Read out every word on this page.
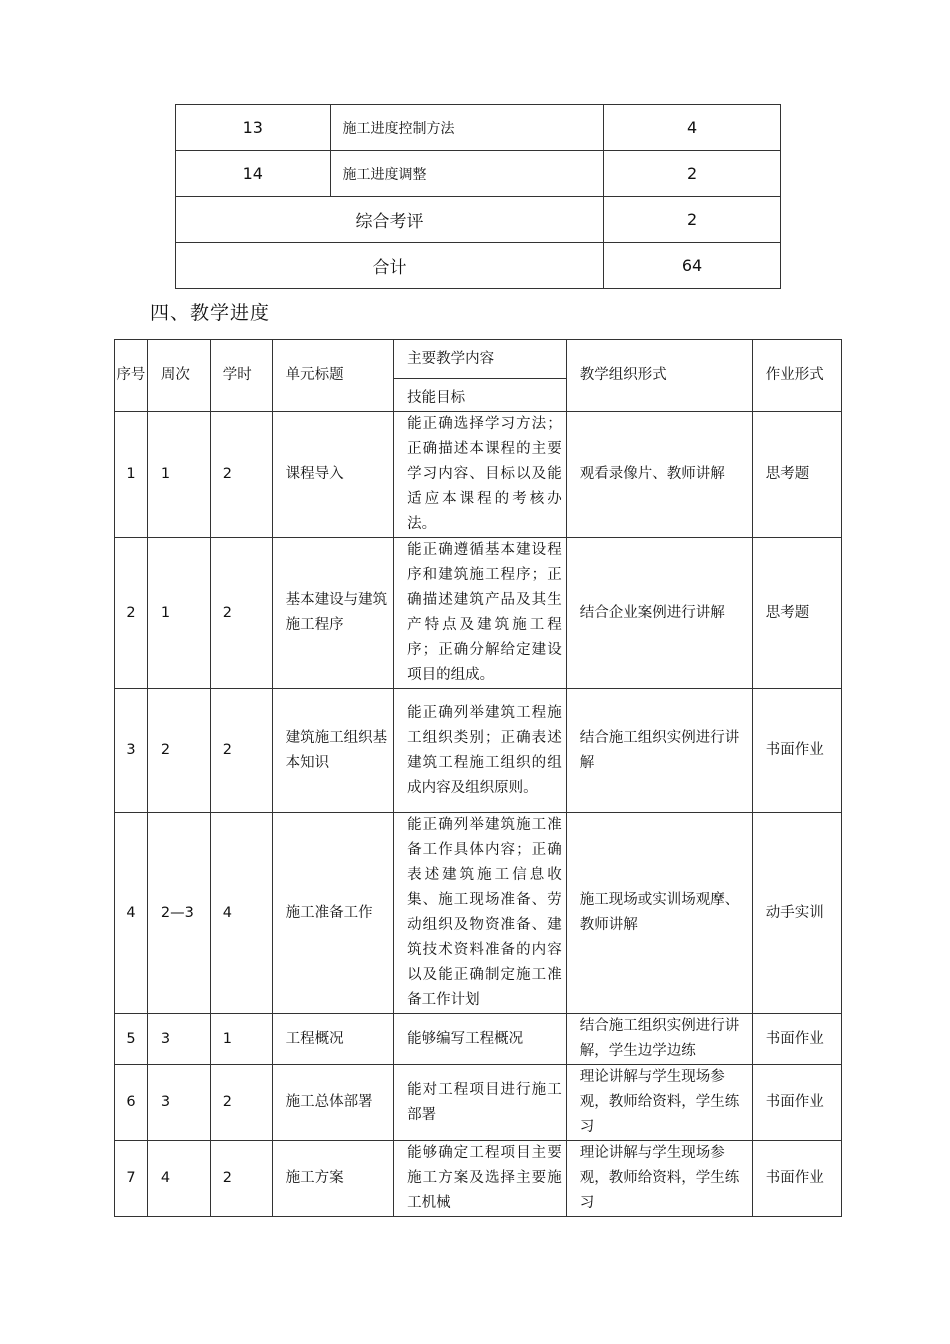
13	施工进度控制方法	4
14	施工进度调整	2
综合考评		2
合计		64
四、教学进度
序号	周次	学时	单元标题	主要教学内容	教学组织形式	作业形式
				技能目标		
1	1	2	课程导入	能正确选择学习方法；正确描述本课程的主要学习内容、目标以及能适应本课程的考核办法。	观看录像片、教师讲解	思考题
2	1	2	基本建设与建筑施工程序	能正确遵循基本建设程序和建筑施工程序；正确描述建筑产品及其生产特点及建筑施工程序；正确分解给定建设项目的组成。	结合企业案例进行讲解	思考题
3	2	2	建筑施工组织基本知识	能正确列举建筑工程施工组织类别；正确表述建筑工程施工组织的组成内容及组织原则。	结合施工组织实例进行讲解	书面作业
4	2—3	4	施工准备工作	能正确列举建筑施工准备工作具体内容；正确表述建筑施工信息收集、施工现场准备、劳动组织及物资准备、建筑技术资料准备的内容以及能正确制定施工准备工作计划	施工现场或实训场观摩、教师讲解	动手实训
5	3	1	工程概况	能够编写工程概况	结合施工组织实例进行讲解，学生边学边练	书面作业
6	3	2	施工总体部署	能对工程项目进行施工部署	理论讲解与学生现场参观，教师给资料，学生练习	书面作业
7	4	2	施工方案	能够确定工程项目主要施工方案及选择主要施工机械	理论讲解与学生现场参观，教师给资料，学生练习	书面作业
